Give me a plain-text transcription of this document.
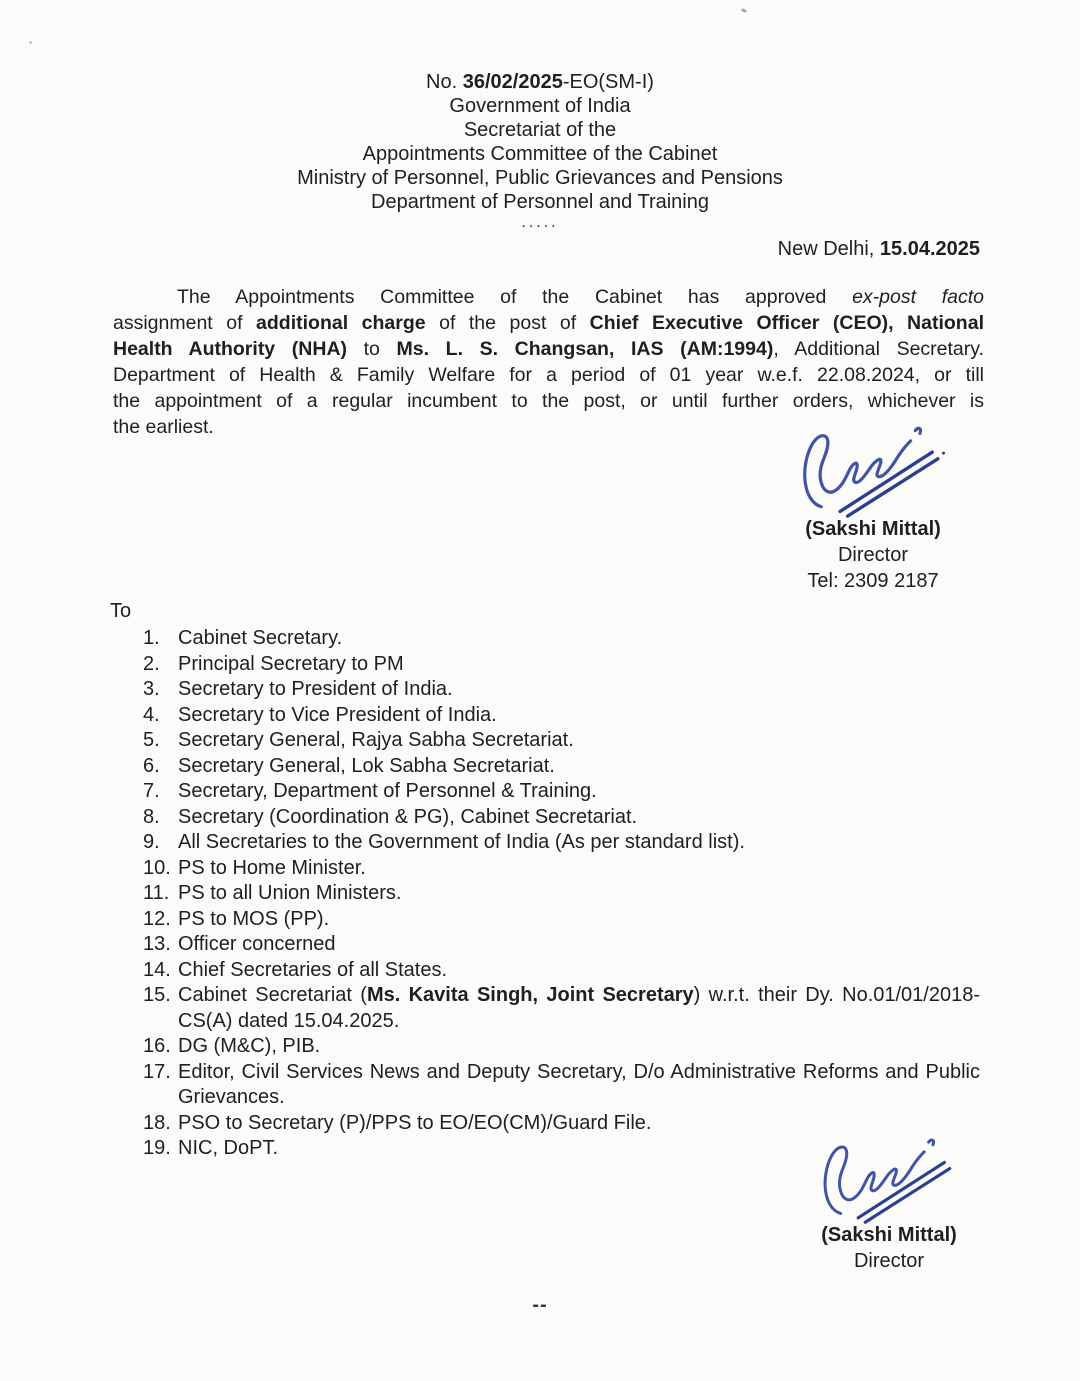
No. 36/02/2025-EO(SM-I)
Government of India
Secretariat of the
Appointments Committee of the Cabinet
Ministry of Personnel, Public Grievances and Pensions
Department of Personnel and Training
.....
New Delhi, 15.04.2025
The Appointments Committee of the Cabinet has approved ex-post facto
assignment of additional charge of the post of Chief Executive Officer (CEO), National
Health Authority (NHA) to Ms. L. S. Changsan, IAS (AM:1994), Additional Secretary.
Department of Health & Family Welfare for a period of 01 year w.e.f. 22.08.2024, or till
the appointment of a regular incumbent to the post, or until further orders, whichever is
the earliest.
(Sakshi Mittal)
Director
Tel: 2309 2187
To
1. Cabinet Secretary.
2. Principal Secretary to PM
3. Secretary to President of India.
4. Secretary to Vice President of India.
5. Secretary General, Rajya Sabha Secretariat.
6. Secretary General, Lok Sabha Secretariat.
7. Secretary, Department of Personnel & Training.
8. Secretary (Coordination & PG), Cabinet Secretariat.
9. All Secretaries to the Government of India (As per standard list).
10. PS to Home Minister.
11. PS to all Union Ministers.
12. PS to MOS (PP).
13. Officer concerned
14. Chief Secretaries of all States.
15. Cabinet Secretariat (Ms. Kavita Singh, Joint Secretary) w.r.t. their Dy. No.01/01/2018-CS(A) dated 15.04.2025.
16. DG (M&C), PIB.
17. Editor, Civil Services News and Deputy Secretary, D/o Administrative Reforms and Public Grievances.
18. PSO to Secretary (P)/PPS to EO/EO(CM)/Guard File.
19. NIC, DoPT.
(Sakshi Mittal)
Director
--
